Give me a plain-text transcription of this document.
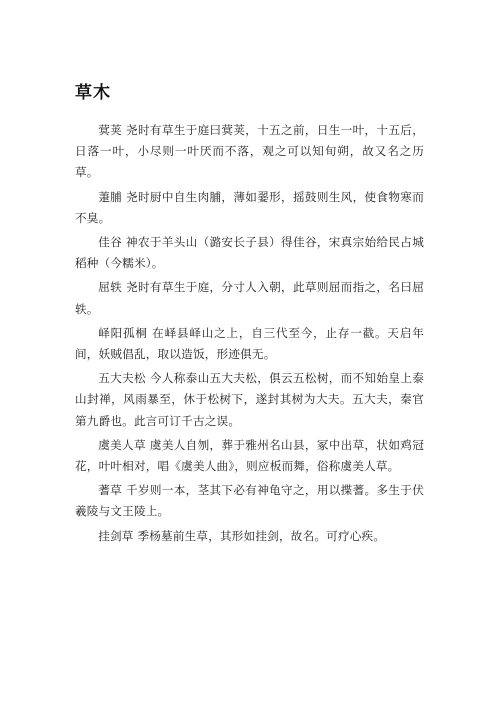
草木

蓂荚 尧时有草生于庭曰蓂荚，十五之前，日生一叶，十五后，日落一叶，小尽则一叶厌而不落，观之可以知旬朔，故又名之历草。

萐脯 尧时厨中自生肉脯，薄如翣形，摇鼓则生风，使食物寒而不臭。

佳谷 神农于羊头山（潞安长子县）得佳谷，宋真宗始给民占城稻种（今糯米）。

屈轶 尧时有草生于庭，分寸人入朝，此草则屈而指之，名曰屈轶。

峄阳孤桐 在峄县峄山之上，自三代至今，止存一截。天启年间，妖贼倡乱，取以造饭，形迹俱无。

五大夫松 今人称泰山五大夫松，俱云五松树，而不知始皇上泰山封禅，风雨暴至，休于松树下，遂封其树为大夫。五大夫，秦官第九爵也。此言可订千古之误。

虞美人草 虞美人自刎，葬于雅州名山县，冢中出草，状如鸡冠花，叶叶相对，唱《虞美人曲》，则应板而舞，俗称虞美人草。

蓍草 千岁则一本，茎其下必有神龟守之，用以揲蓍。多生于伏羲陵与文王陵上。

挂剑草 季杨墓前生草，其形如挂剑，故名。可疗心疾。
